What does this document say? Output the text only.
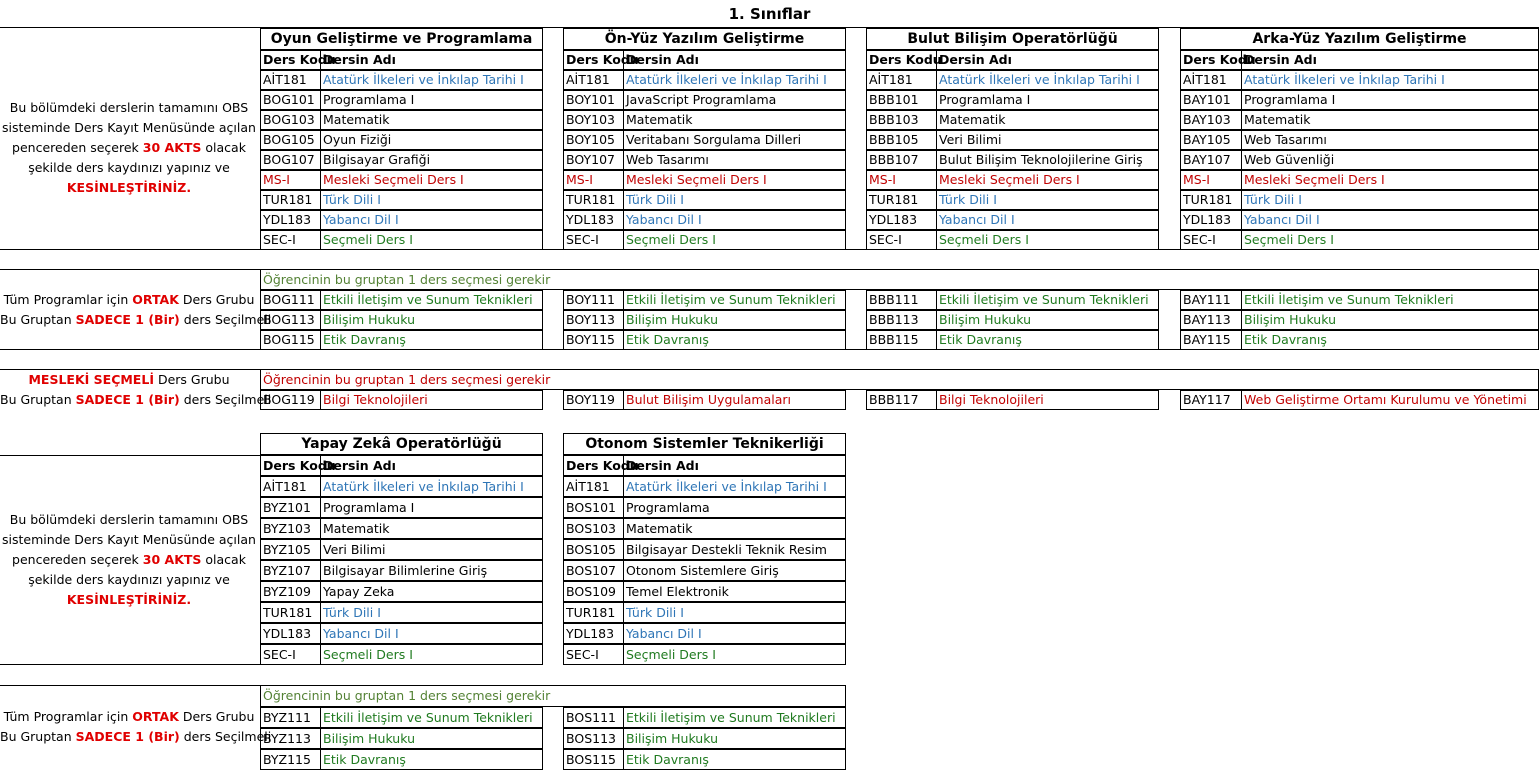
1. Sınıflar
Bu bölümdeki derslerin tamamını OBS
sisteminde Ders Kayıt Menüsünde açılan
pencereden seçerek 30 AKTS olacak
şekilde ders kaydınızı yapınız ve
KESİNLEŞTİRİNİZ.
Tüm Programlar için ORTAK Ders Grubu
Bu Gruptan SADECE 1 (Bir) ders Seçilmeli
MESLEKİ SEÇMELİ Ders Grubu
Bu Gruptan SADECE 1 (Bir) ders Seçilmeli
Bu bölümdeki derslerin tamamını OBS
sisteminde Ders Kayıt Menüsünde açılan
pencereden seçerek 30 AKTS olacak
şekilde ders kaydınızı yapınız ve
KESİNLEŞTİRİNİZ.
Tüm Programlar için ORTAK Ders Grubu
Bu Gruptan SADECE 1 (Bir) ders Seçilmeli
Oyun Geliştirme ve Programlama
Ders Kodu
Dersin Adı
AİT181	Atatürk İlkeleri ve İnkılap Tarihi I
BOG101 Programlama I
BOG103 Matematik
BOG105 Oyun Fiziği
BOG107 Bilgisayar Grafiği
MS-I	Mesleki Seçmeli Ders I
TUR181 Türk Dili I
YDL183 Yabancı Dil I
SEC-I	Seçmeli Ders I
BOG111 Etkili İletişim ve Sunum Teknikleri
BOG113 Bilişim Hukuku
BOG115 Etik Davranış
BOG119 Bilgi Teknolojileri
Ön-Yüz Yazılım Geliştirme
Ders Kodu
Dersin Adı
AİT181	Atatürk İlkeleri ve İnkılap Tarihi I
BOY101 JavaScript Programlama
BOY103 Matematik
BOY105 Veritabanı Sorgulama Dilleri
BOY107 Web Tasarımı
MS-I	Mesleki Seçmeli Ders I
TUR181 Türk Dili I
YDL183 Yabancı Dil I
SEC-I	Seçmeli Ders I
BOY111 Etkili İletişim ve Sunum Teknikleri
BOY113 Bilişim Hukuku
BOY115 Etik Davranış
BOY119 Bulut Bilişim Uygulamaları
Bulut Bilişim Operatörlüğü
Ders Kodu
Dersin Adı
AİT181	Atatürk İlkeleri ve İnkılap Tarihi I
BBB101	Programlama I
BBB103	Matematik
BBB105	Veri Bilimi
BBB107	Bulut Bilişim Teknolojilerine Giriş
MS-I	Mesleki Seçmeli Ders I
TUR181	Türk Dili I
YDL183	Yabancı Dil I
SEC-I	Seçmeli Ders I
BBB111	Etkili İletişim ve Sunum Teknikleri
BBB113	Bilişim Hukuku
BBB115	Etik Davranış
BBB117	Bilgi Teknolojileri
Arka-Yüz Yazılım Geliştirme
Ders Kodu
Dersin Adı
AİT181	Atatürk İlkeleri ve İnkılap Tarihi I
BAY101	Programlama I
BAY103	Matematik
BAY105	Web Tasarımı
BAY107	Web Güvenliği
MS-I	Mesleki Seçmeli Ders I
TUR181 Türk Dili I
YDL183	Yabancı Dil I
SEC-I	Seçmeli Ders I
BAY111	Etkili İletişim ve Sunum Teknikleri
BAY113	Bilişim Hukuku
BAY115	Etik Davranış
BAY117	Web Geliştirme Ortamı Kurulumu ve Yönetimi
Öğrencinin bu gruptan 1 ders seçmesi gerekir
Öğrencinin bu gruptan 1 ders seçmesi gerekir
Yapay Zekâ Operatörlüğü
Ders Kodu
Dersin Adı
AİT181	Atatürk İlkeleri ve İnkılap Tarihi I
BYZ101 Programlama I
BYZ103 Matematik
BYZ105 Veri Bilimi
BYZ107 Bilgisayar Bilimlerine Giriş
BYZ109 Yapay Zeka
TUR181 Türk Dili I
YDL183 Yabancı Dil I
SEC-I	Seçmeli Ders I
BYZ111 Etkili İletişim ve Sunum Teknikleri
BYZ113 Bilişim Hukuku
BYZ115 Etik Davranış
Otonom Sistemler Teknikerliği
Ders Kodu
Dersin Adı
AİT181	Atatürk İlkeleri ve İnkılap Tarihi I
BOS101 Programlama
BOS103 Matematik
BOS105 Bilgisayar Destekli Teknik Resim
BOS107 Otonom Sistemlere Giriş
BOS109 Temel Elektronik
TUR181 Türk Dili I
YDL183 Yabancı Dil I
SEC-I	Seçmeli Ders I
BOS111 Etkili İletişim ve Sunum Teknikleri
BOS113 Bilişim Hukuku
BOS115 Etik Davranış
Öğrencinin bu gruptan 1 ders seçmesi gerekir
